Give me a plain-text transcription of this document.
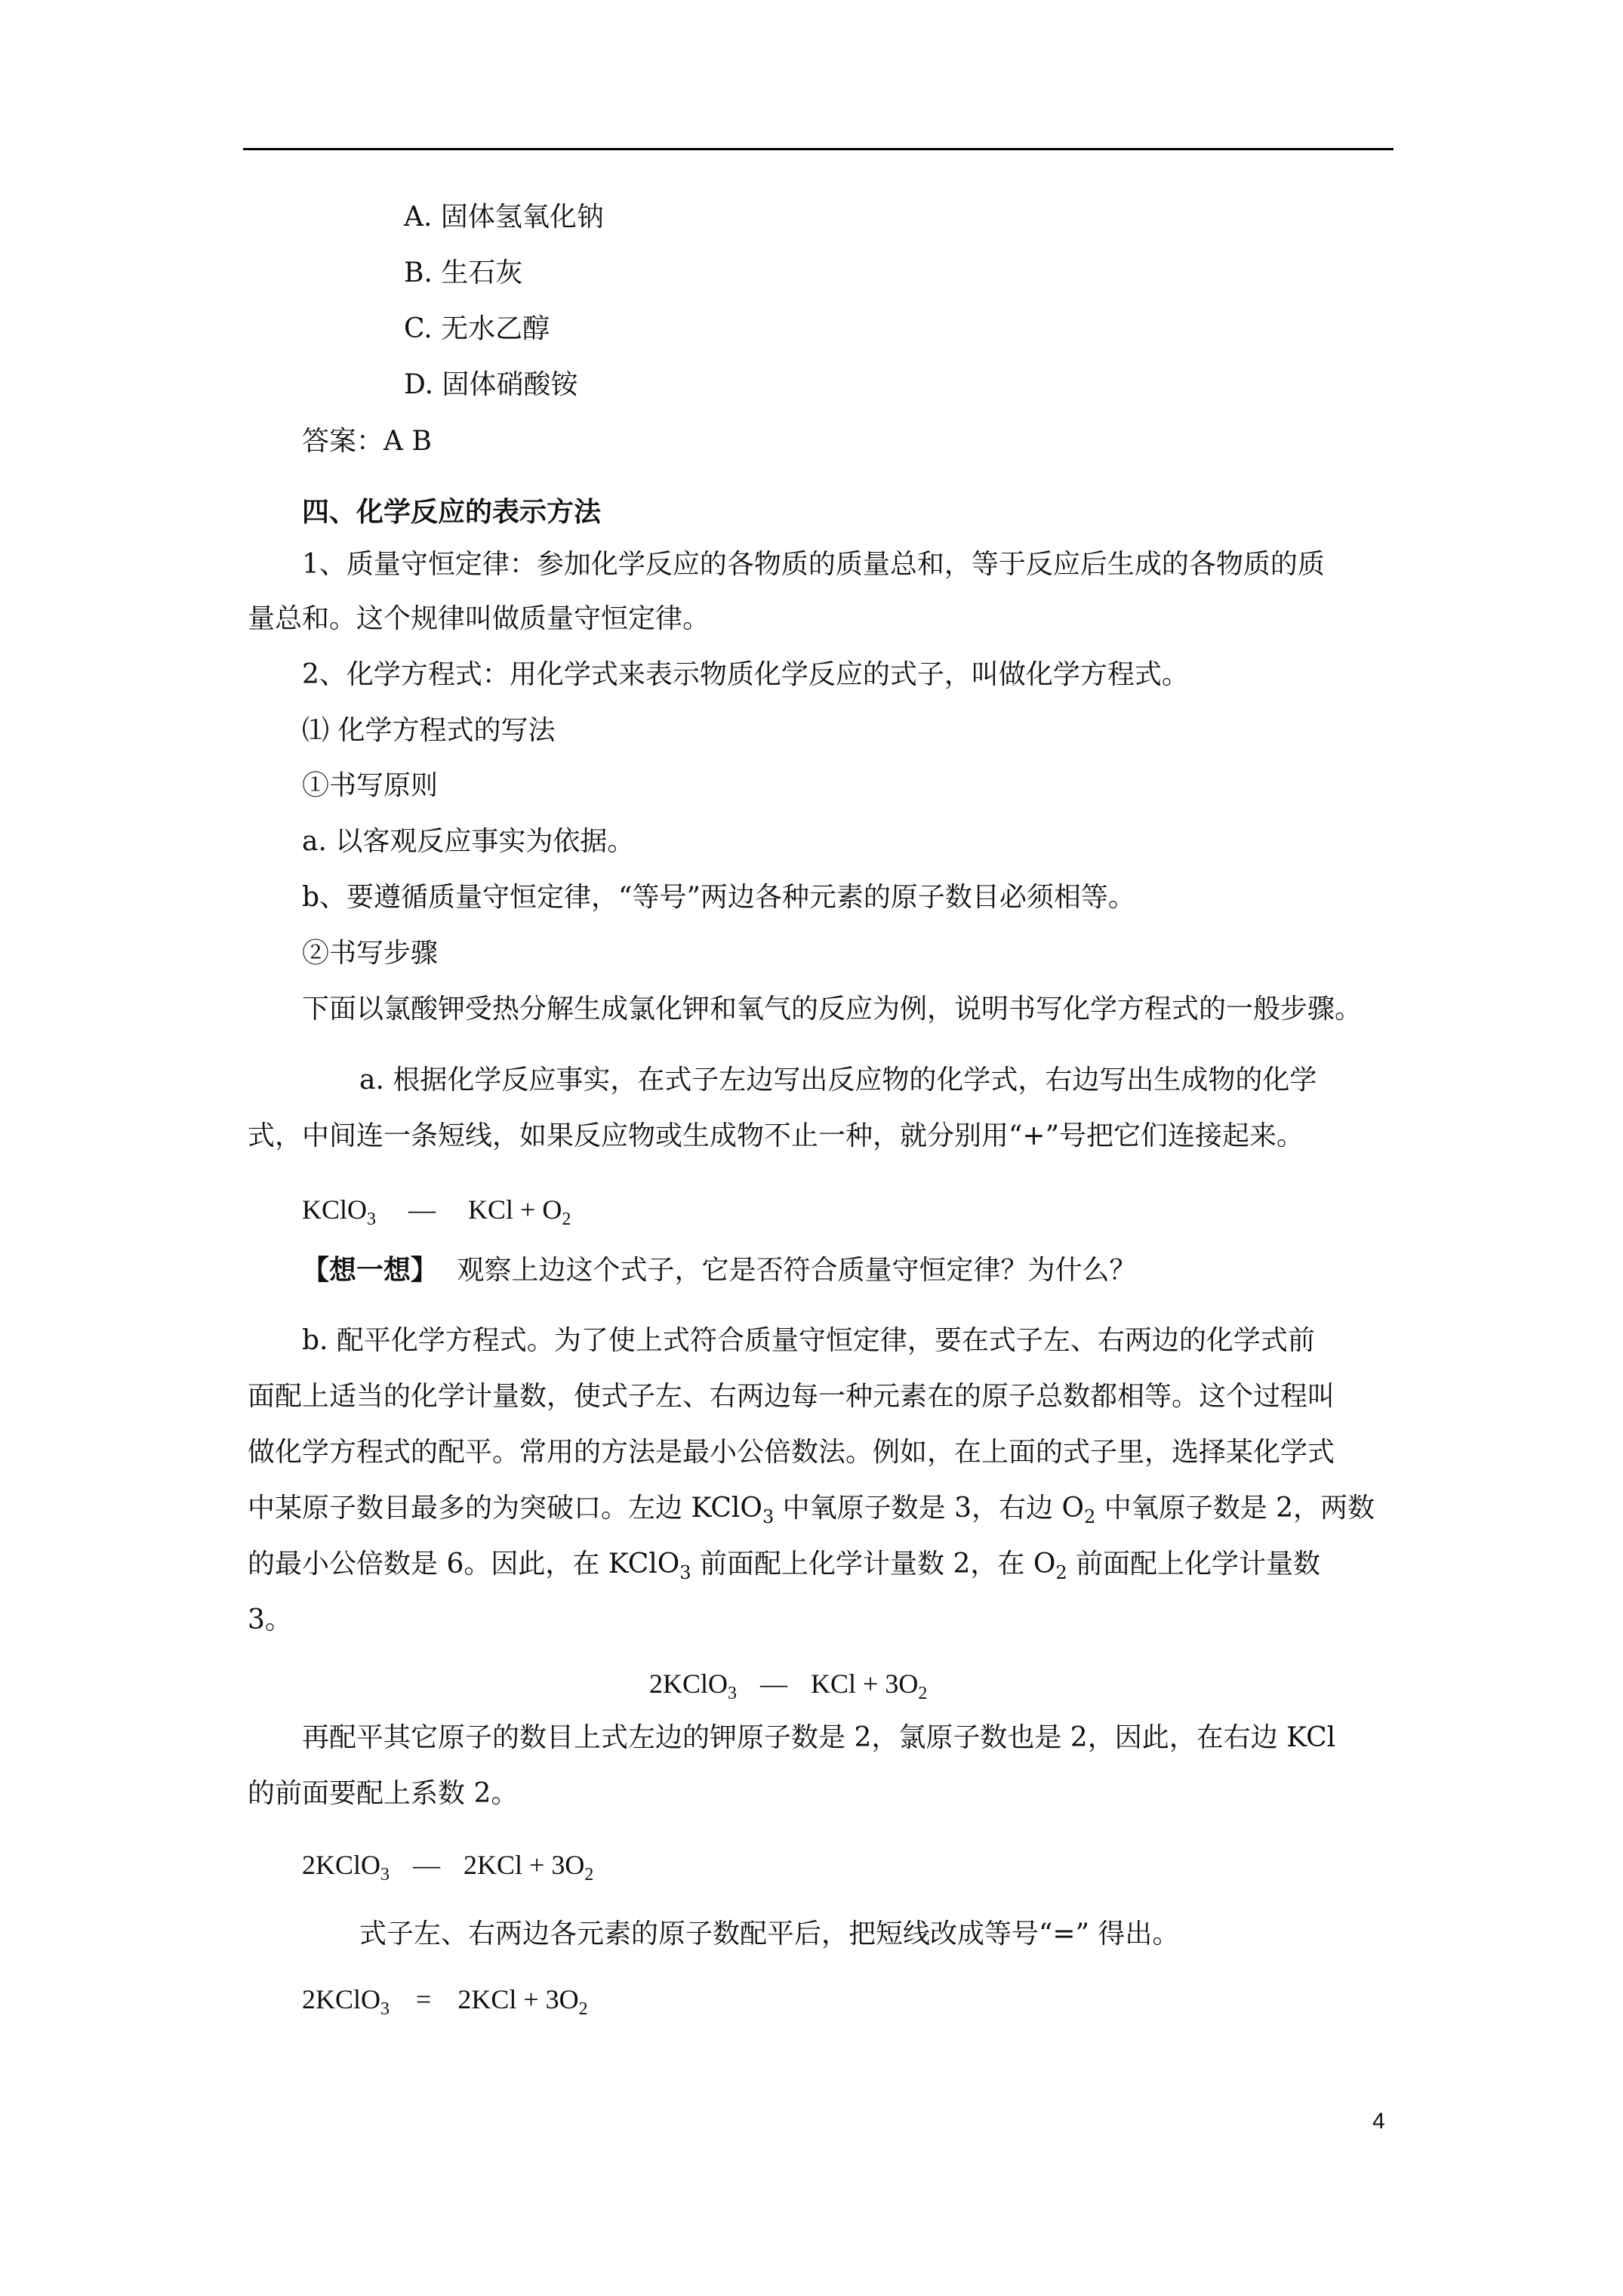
A. 固体氢氧化钠
B. 生石灰
C. 无水乙醇
D. 固体硝酸铵
答案：A B
四、化学反应的表示方法
1、质量守恒定律：参加化学反应的各物质的质量总和，等于反应后生成的各物质的质
量总和。这个规律叫做质量守恒定律。
2、化学方程式：用化学式来表示物质化学反应的式子，叫做化学方程式。
⑴ 化学方程式的写法
①书写原则
a. 以客观反应事实为依据。
b、要遵循质量守恒定律，“等号”两边各种元素的原子数目必须相等。
②书写步骤
下面以氯酸钾受热分解生成氯化钾和氧气的反应为例，说明书写化学方程式的一般步骤。
a. 根据化学反应事实，在式子左边写出反应物的化学式，右边写出生成物的化学
式，中间连一条短线，如果反应物或生成物不止一种，就分别用“+”号把它们连接起来。
KClO$_3$ — KCl + $O_2$
【想一想】 观察上边这个式子，它是否符合质量守恒定律？为什么？
b. 配平化学方程式。为了使上式符合质量守恒定律，要在式子左、右两边的化学式前
面配上适当的化学计量数，使式子左、右两边每一种元素在的原子总数都相等。这个过程叫
做化学方程式的配平。常用的方法是最小公倍数法。例如，在上面的式子里，选择某化学式
中某原子数目最多的为突破口。左边 KClO$_3$ 中氧原子数是 3，右边 $O_2$ 中氧原子数是 2，两数
的最小公倍数是 6。因此，在 KClO$_3$ 前面配上化学计量数 2，在 $O_2$ 前面配上化学计量数
3。
2KClO$_3$ — KCl + $3O_2$
再配平其它原子的数目上式左边的钾原子数是 2，氯原子数也是 2，因此，在右边 KCl
的前面要配上系数 2。
2KClO$_3$ — $2KCl + 3O_2$
式子左、右两边各元素的原子数配平后，把短线改成等号“=” 得出。
2KClO$_3$ = $2KCl + 3O_2$
4
